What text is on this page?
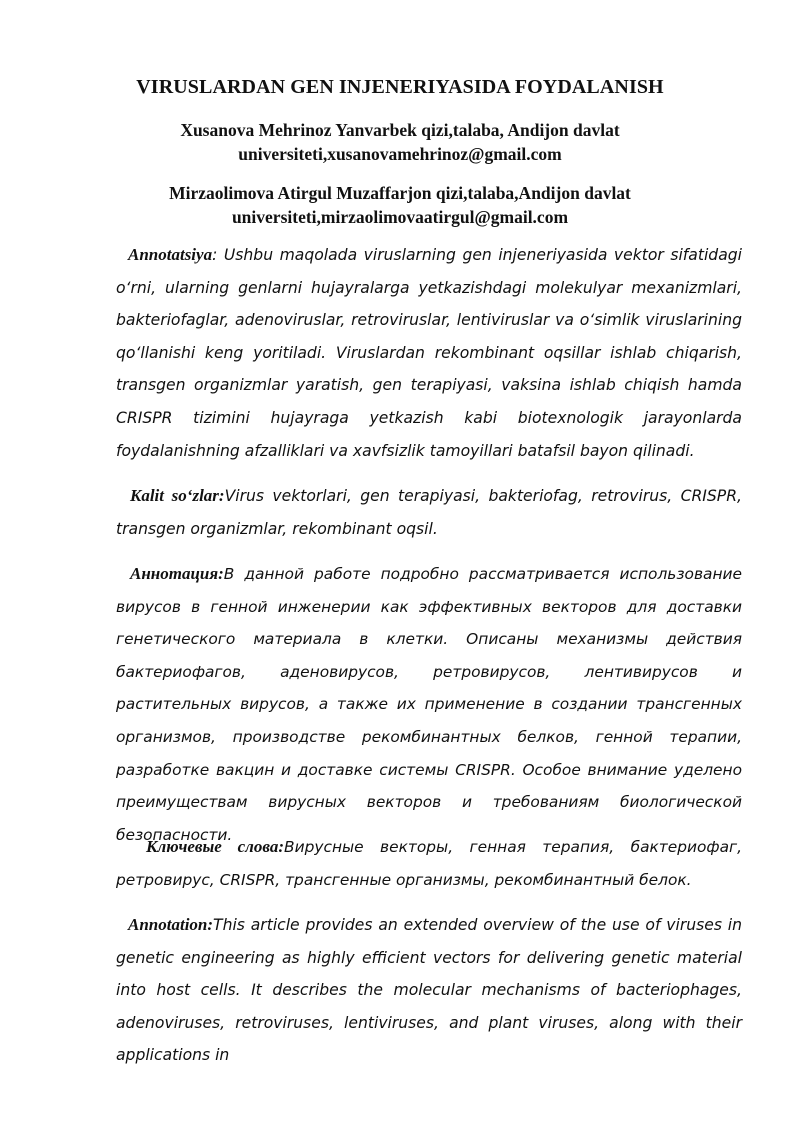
VIRUSLARDAN GEN INJENERIYASIDA FOYDALANISH
Xusanova Mehrinoz Yanvarbek qizi,talaba, Andijon davlat
universiteti,xusanovamehrinoz@gmail.com
Mirzaolimova Atirgul Muzaffarjon qizi,talaba,Andijon davlat
universiteti,mirzaolimovaatirgul@gmail.com

Annotatsiya: Ushbu maqolada viruslarning gen injeneriyasida vektor sifatidagi o‘rni, ularning genlarni hujayralarga yetkazishdagi molekulyar mexanizmlari, bakteriofaglar, adenoviruslar, retroviruslar, lentiviruslar va o‘simlik viruslarining qo‘llanishi keng yoritiladi. Viruslardan rekombinant oqsillar ishlab chiqarish, transgen organizmlar yaratish, gen terapiyasi, vaksina ishlab chiqish hamda CRISPR tizimini hujayraga yetkazish kabi biotexnologik jarayonlarda foydalanishning afzalliklari va xavfsizlik tamoyillari batafsil bayon qilinadi.

Kalit so‘zlar:Virus vektorlari, gen terapiyasi, bakteriofag, retrovirus, CRISPR, transgen organizmlar, rekombinant oqsil.

Аннотация:В данной работе подробно рассматривается использование вирусов в генной инженерии как эффективных векторов для доставки генетического материала в клетки. Описаны механизмы действия бактериофагов, аденовирусов, ретровирусов, лентивирусов и растительных вирусов, а также их применение в создании трансгенных организмов, производстве рекомбинантных белков, генной терапии, разработке вакцин и доставке системы CRISPR. Особое внимание уделено преимуществам вирусных векторов и требованиям биологической безопасности.

Ключевые слова:Вирусные векторы, генная терапия, бактериофаг, ретровирус, CRISPR, трансгенные организмы, рекомбинантный белок.

Annotation:This article provides an extended overview of the use of viruses in genetic engineering as highly efficient vectors for delivering genetic material into host cells. It describes the molecular mechanisms of bacteriophages, adenoviruses, retroviruses, lentiviruses, and plant viruses, along with their applications in
